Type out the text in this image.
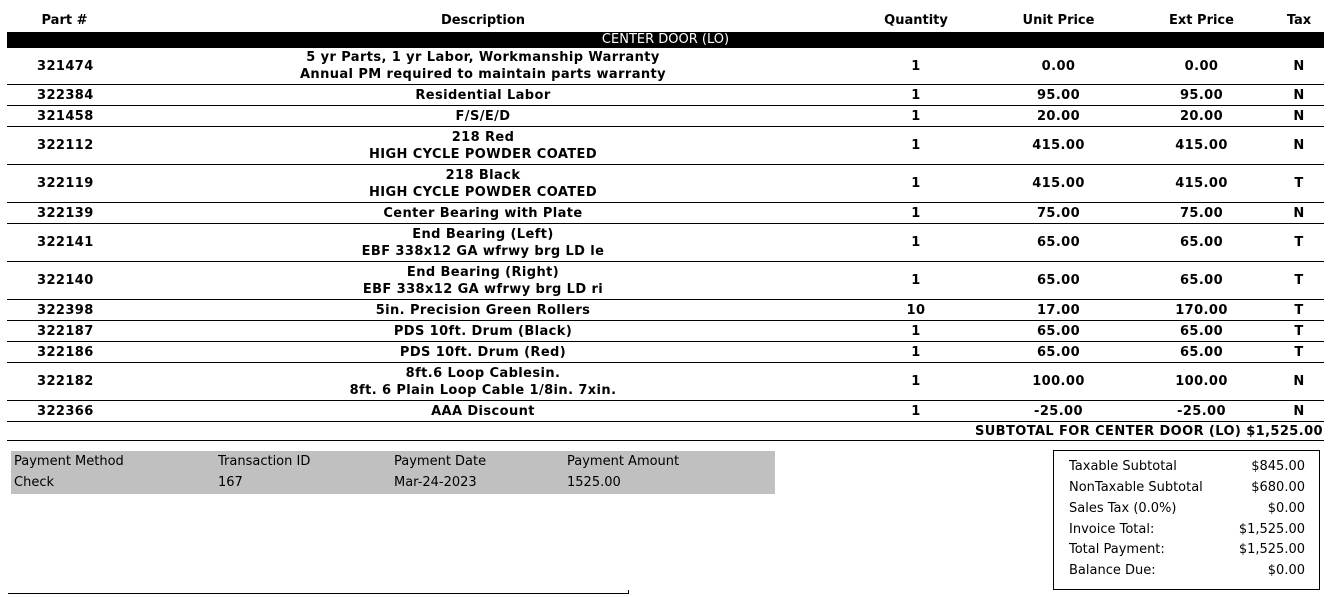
Part #	Description	Quantity	Unit Price	Ext Price	Tax
CENTER DOOR (LO)					
321474	5 yr Parts, 1 yr Labor, Workmanship Warranty
Annual PM required to maintain parts warranty	1	0.00	0.00	N
322384	Residential Labor	1	95.00	95.00	N
321458	F/S/E/D	1	20.00	20.00	N
322112	218 Red
HIGH CYCLE POWDER COATED	1	415.00	415.00	N
322119	218 Black
HIGH CYCLE POWDER COATED	1	415.00	415.00	T
322139	Center Bearing with Plate	1	75.00	75.00	N
322141	End Bearing (Left)
EBF 338x12 GA wfrwy brg LD le	1	65.00	65.00	T
322140	End Bearing (Right)
EBF 338x12 GA wfrwy brg LD ri	1	65.00	65.00	T
322398	5in. Precision Green Rollers	10	17.00	170.00	T
322187	PDS 10ft. Drum (Black)	1	65.00	65.00	T
322186	PDS 10ft. Drum (Red)	1	65.00	65.00	T
322182	8ft.6 Loop Cablesin.
8ft. 6 Plain Loop Cable 1/8in. 7xin.	1	100.00	100.00	N
322366	AAA Discount	1	-25.00	-25.00	N
SUBTOTAL FOR CENTER DOOR (LO) $1,525.00					
Payment Method	Transaction ID	Payment Date	Payment Amount
Check	167	Mar-24-2023	1525.00
Taxable Subtotal	$845.00
NonTaxable Subtotal	$680.00
Sales Tax (0.0%)	$0.00
Invoice Total:	$1,525.00
Total Payment:	$1,525.00
Balance Due:	$0.00
